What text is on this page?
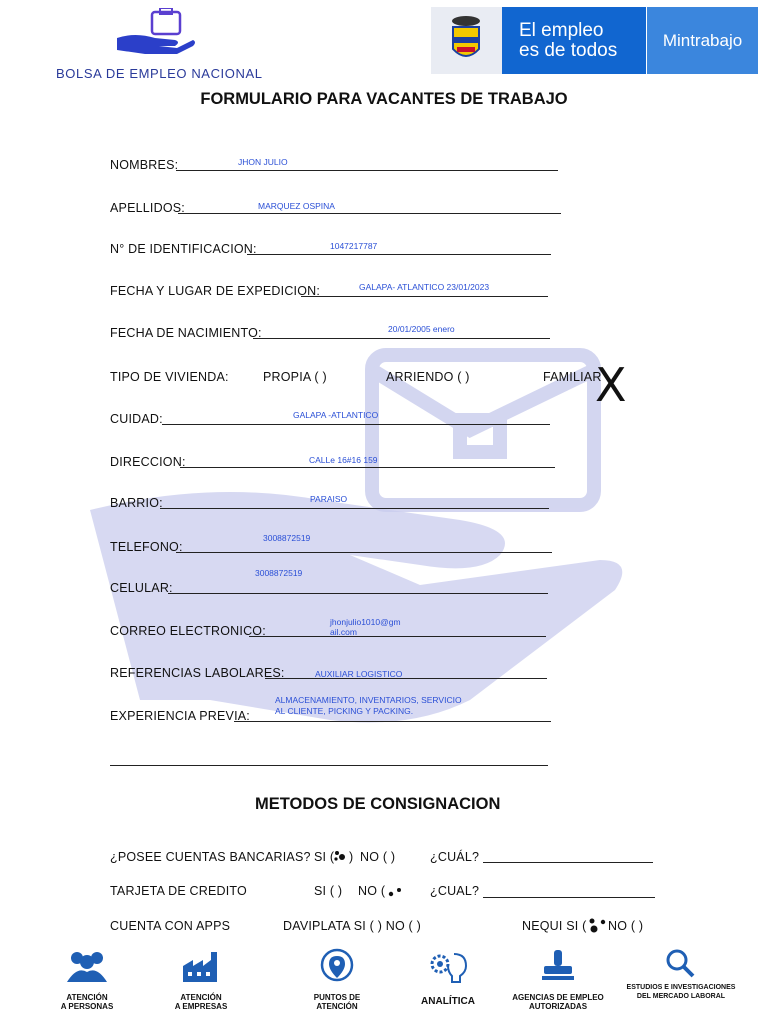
BOLSA DE EMPLEO NACIONAL
El empleo
es de todos	Mintrabajo
FORMULARIO PARA VACANTES DE TRABAJO
NOMBRES:	JHON JULIO
APELLIDOS:	MARQUEZ OSPINA
N° DE IDENTIFICACION:	1047217787
FECHA Y LUGAR DE EXPEDICION:	GALAPA- ATLANTICO 23/01/2023
FECHA DE NACIMIENTO:	20/01/2005 enero
TIPO DE VIVIENDA:	PROPIA ( )	ARRIENDO ( )	FAMILIAR
X
CUIDAD:	GALAPA -ATLANTICO
DIRECCION:	CALLe 16#16 159
BARRIO:	PARAISO
TELEFONO:
3008872519
CELULAR:
3008872519
CORREO ELECTRONICO:
jhonjulio1010@gm
ail.com
REFERENCIAS LABOLARES:	AUXILIAR LOGISTICO
EXPERIENCIA PREVIA:
ALMACENAMIENTO, INVENTARIOS, SERVICIO
AL CLIENTE, PICKING Y PACKING.
METODOS DE CONSIGNACION
¿POSEE CUENTAS BANCARIAS? SI ( ) NO ( )	¿CUÁL?
TARJETA DE CREDITO	SI ( ) NO (	¿CUAL?
CUENTA CON APPS	DAVIPLATA SI ( ) NO ( )	NEQUI SI ( NO ( )
ATENCIÓN
A PERSONAS
ATENCIÓN
A EMPRESAS
PUNTOS DE
ATENCIÓN	ANALÍTICA	AGENCIAS DE EMPLEO
AUTORIZADAS
ESTUDIOS E INVESTIGACIONES
DEL MERCADO LABORAL
